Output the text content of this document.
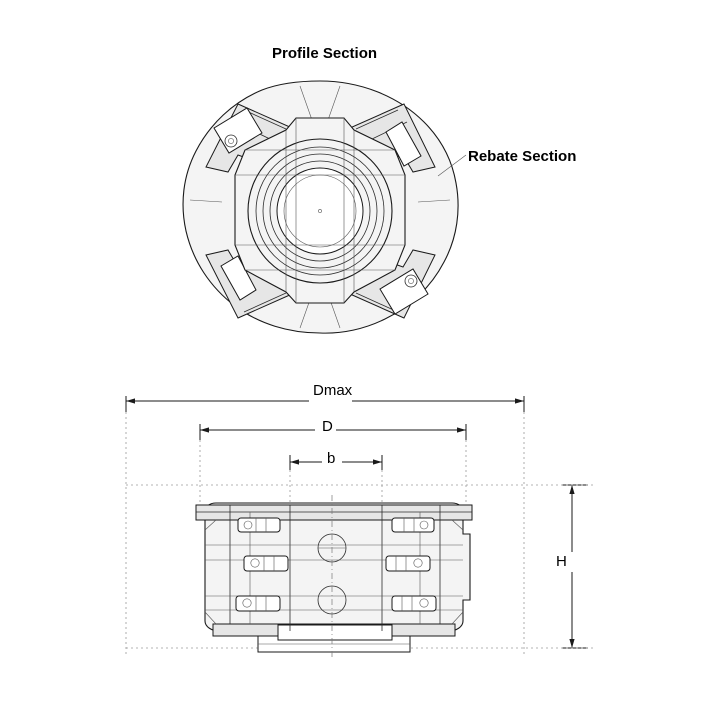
Profile Section
Rebate Section
Dmax
D
b
H
